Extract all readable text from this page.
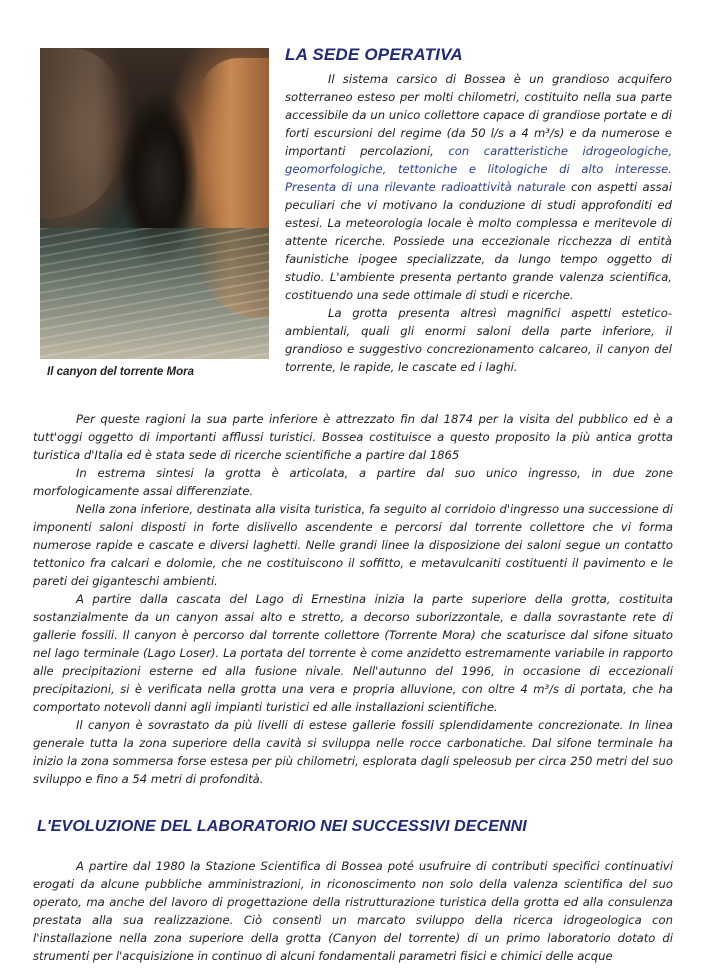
Il canyon del torrente Mora
LA SEDE OPERATIVA

Il sistema carsico di Bossea è un grandioso acquifero sotterraneo esteso per molti chilometri, costituito nella sua parte accessibile da un unico collettore capace di grandiose portate e di forti escursioni del regime (da 50 l/s a 4 m³/s) e da numerose e importanti percolazioni, con caratteristiche idrogeologiche, geomorfologiche, tettoniche e litologiche di alto interesse. Presenta di una rilevante radioattività naturale con aspetti assai peculiari che vi motivano la conduzione di studi approfonditi ed estesi. La meteorologia locale è molto complessa e meritevole di attente ricerche. Possiede una eccezionale ricchezza di entità faunistiche ipogee specializzate, da lungo tempo oggetto di studio. L'ambiente presenta pertanto grande valenza scientifica, costituendo una sede ottimale di studi e ricerche.

La grotta presenta altresì magnifici aspetti estetico-ambientali, quali gli enormi saloni della parte inferiore, il grandioso e suggestivo concrezionamento calcareo, il canyon del torrente, le rapide, le cascate ed i laghi.

Per queste ragioni la sua parte inferiore è attrezzato fin dal 1874 per la visita del pubblico ed è a tutt'oggi oggetto di importanti afflussi turistici. Bossea costituisce a questo proposito la più antica grotta turistica d'Italia ed è stata sede di ricerche scientifiche a partire dal 1865

In estrema sintesi la grotta è articolata, a partire dal suo unico ingresso, in due zone morfologicamente assai differenziate.

Nella zona inferiore, destinata alla visita turistica, fa seguito al corridoio d'ingresso una successione di imponenti saloni disposti in forte dislivello ascendente e percorsi dal torrente collettore che vi forma numerose rapide e cascate e diversi laghetti. Nelle grandi linee la disposizione dei saloni segue un contatto tettonico fra calcari e dolomie, che ne costituiscono il soffitto, e metavulcaniti costituenti il pavimento e le pareti dei giganteschi ambienti.

A partire dalla cascata del Lago di Ernestina inizia la parte superiore della grotta, costituita sostanzialmente da un canyon assai alto e stretto, a decorso suborizzontale, e dalla sovrastante rete di gallerie fossili. Il canyon è percorso dal torrente collettore (Torrente Mora) che scaturisce dal sifone situato nel lago terminale (Lago Loser). La portata del torrente è come anzidetto estremamente variabile in rapporto alle precipitazioni esterne ed alla fusione nivale. Nell'autunno del 1996, in occasione di eccezionali precipitazioni, si è verificata nella grotta una vera e propria alluvione, con oltre 4 m³/s di portata, che ha comportato notevoli danni agli impianti turistici ed alle installazioni scientifiche.

Il canyon è sovrastato da più livelli di estese gallerie fossili splendidamente concrezionate. In linea generale tutta la zona superiore della cavità si sviluppa nelle rocce carbonatiche. Dal sifone terminale ha inizio la zona sommersa forse estesa per più chilometri, esplorata dagli speleosub per circa 250 metri del suo sviluppo e fino a 54 metri di profondità.

L'EVOLUZIONE DEL LABORATORIO NEI SUCCESSIVI DECENNI

A partire dal 1980 la Stazione Scientifica di Bossea poté usufruire di contributi specifici continuativi erogati da alcune pubbliche amministrazioni, in riconoscimento non solo della valenza scientifica del suo operato, ma anche del lavoro di progettazione della ristrutturazione turistica della grotta ed alla consulenza prestata alla sua realizzazione. Ciò consentì un marcato sviluppo della ricerca idrogeologica con l'installazione nella zona superiore della grotta (Canyon del torrente) di un primo laboratorio dotato di strumenti per l'acquisizione in continuo di alcuni fondamentali parametri fisici e chimici delle acque
